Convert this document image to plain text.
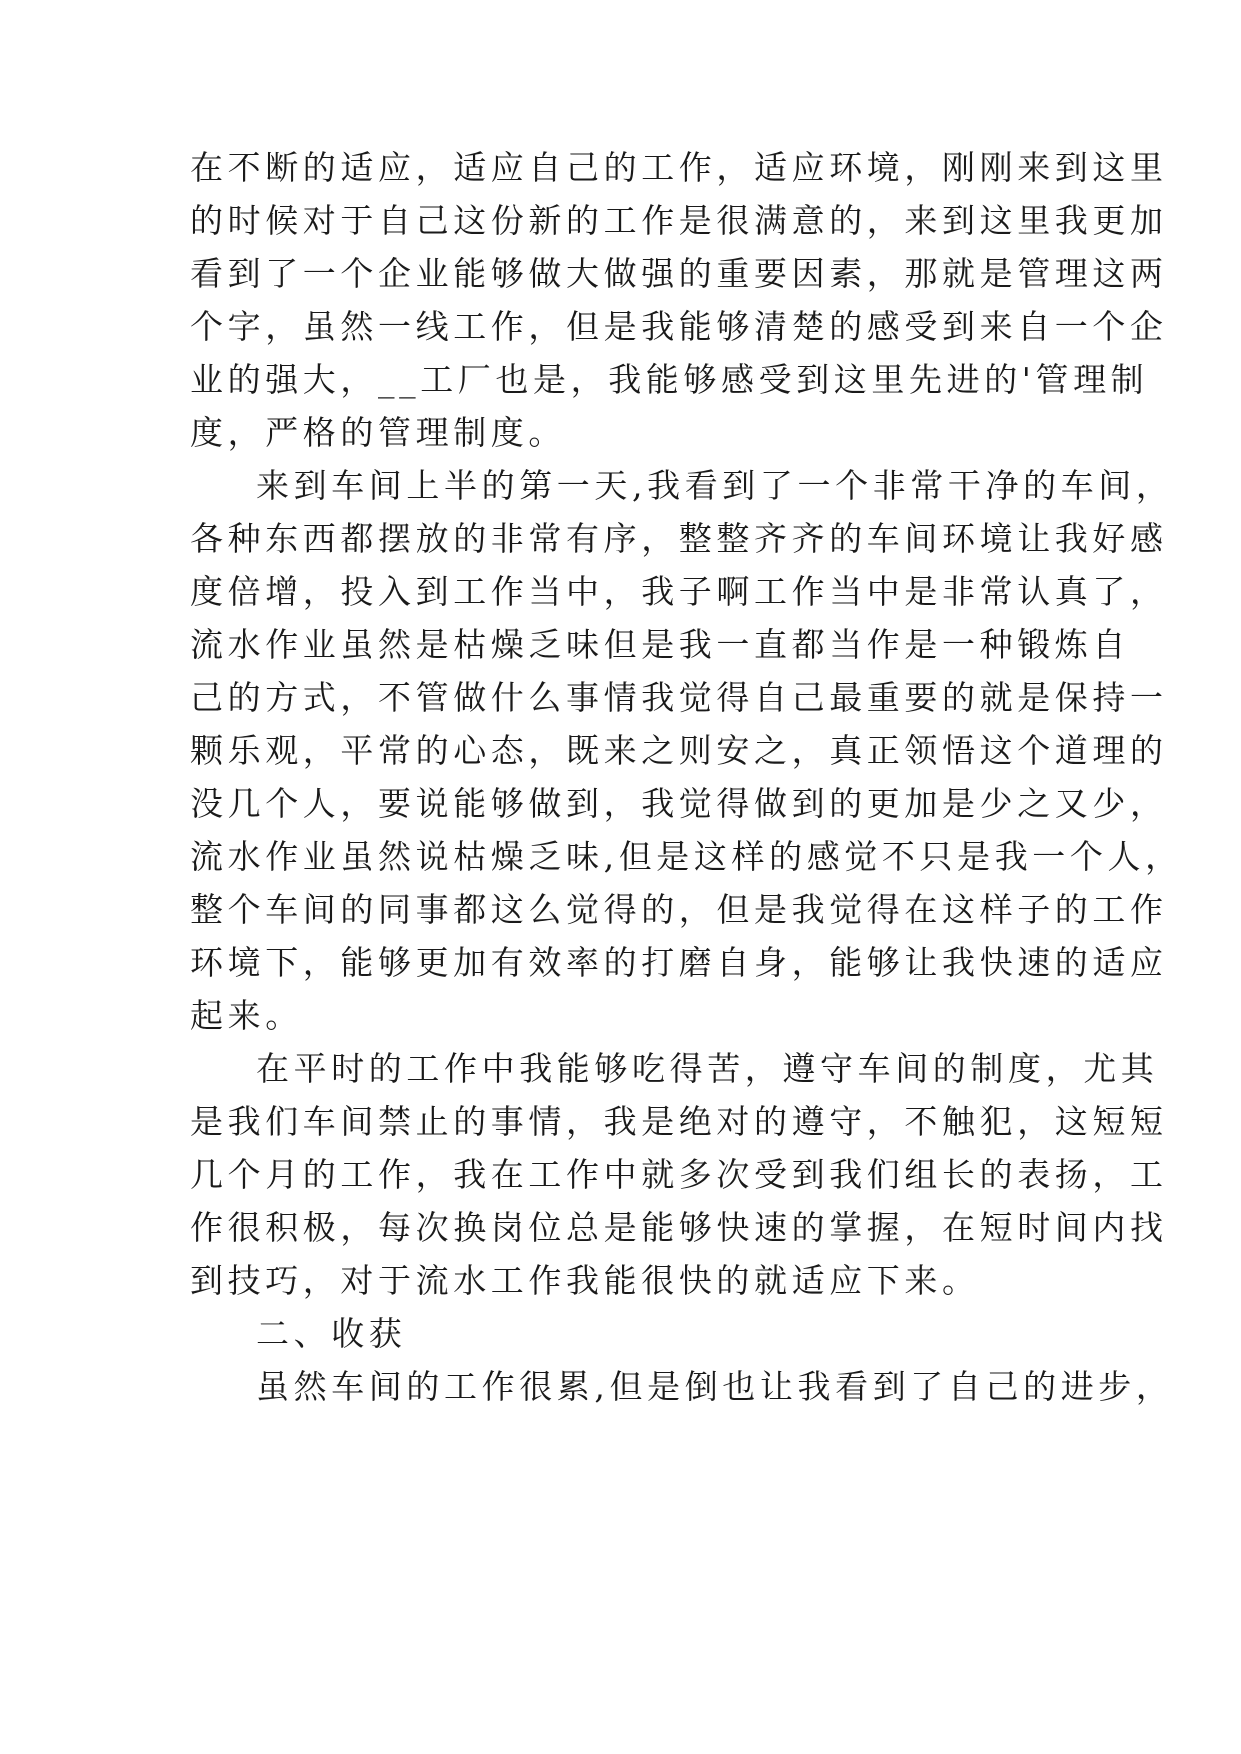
在不断的适应，适应自己的工作，适应环境，刚刚来到这里
的时候对于自己这份新的工作是很满意的，来到这里我更加
看到了一个企业能够做大做强的重要因素，那就是管理这两
个字，虽然一线工作，但是我能够清楚的感受到来自一个企
业的强大，__工厂也是，我能够感受到这里先进的'管理制
度，严格的管理制度。
来到车间上半的第一天,我看到了一个非常干净的车间，
各种东西都摆放的非常有序，整整齐齐的车间环境让我好感
度倍增，投入到工作当中，我子啊工作当中是非常认真了，
流水作业虽然是枯燥乏味但是我一直都当作是一种锻炼自
己的方式，不管做什么事情我觉得自己最重要的就是保持一
颗乐观，平常的心态，既来之则安之，真正领悟这个道理的
没几个人，要说能够做到，我觉得做到的更加是少之又少，
流水作业虽然说枯燥乏味,但是这样的感觉不只是我一个人，
整个车间的同事都这么觉得的，但是我觉得在这样子的工作
环境下，能够更加有效率的打磨自身，能够让我快速的适应
起来。
在平时的工作中我能够吃得苦，遵守车间的制度，尤其
是我们车间禁止的事情，我是绝对的遵守，不触犯，这短短
几个月的工作，我在工作中就多次受到我们组长的表扬，工
作很积极，每次换岗位总是能够快速的掌握，在短时间内找
到技巧，对于流水工作我能很快的就适应下来。
二、收获
虽然车间的工作很累,但是倒也让我看到了自己的进步，
